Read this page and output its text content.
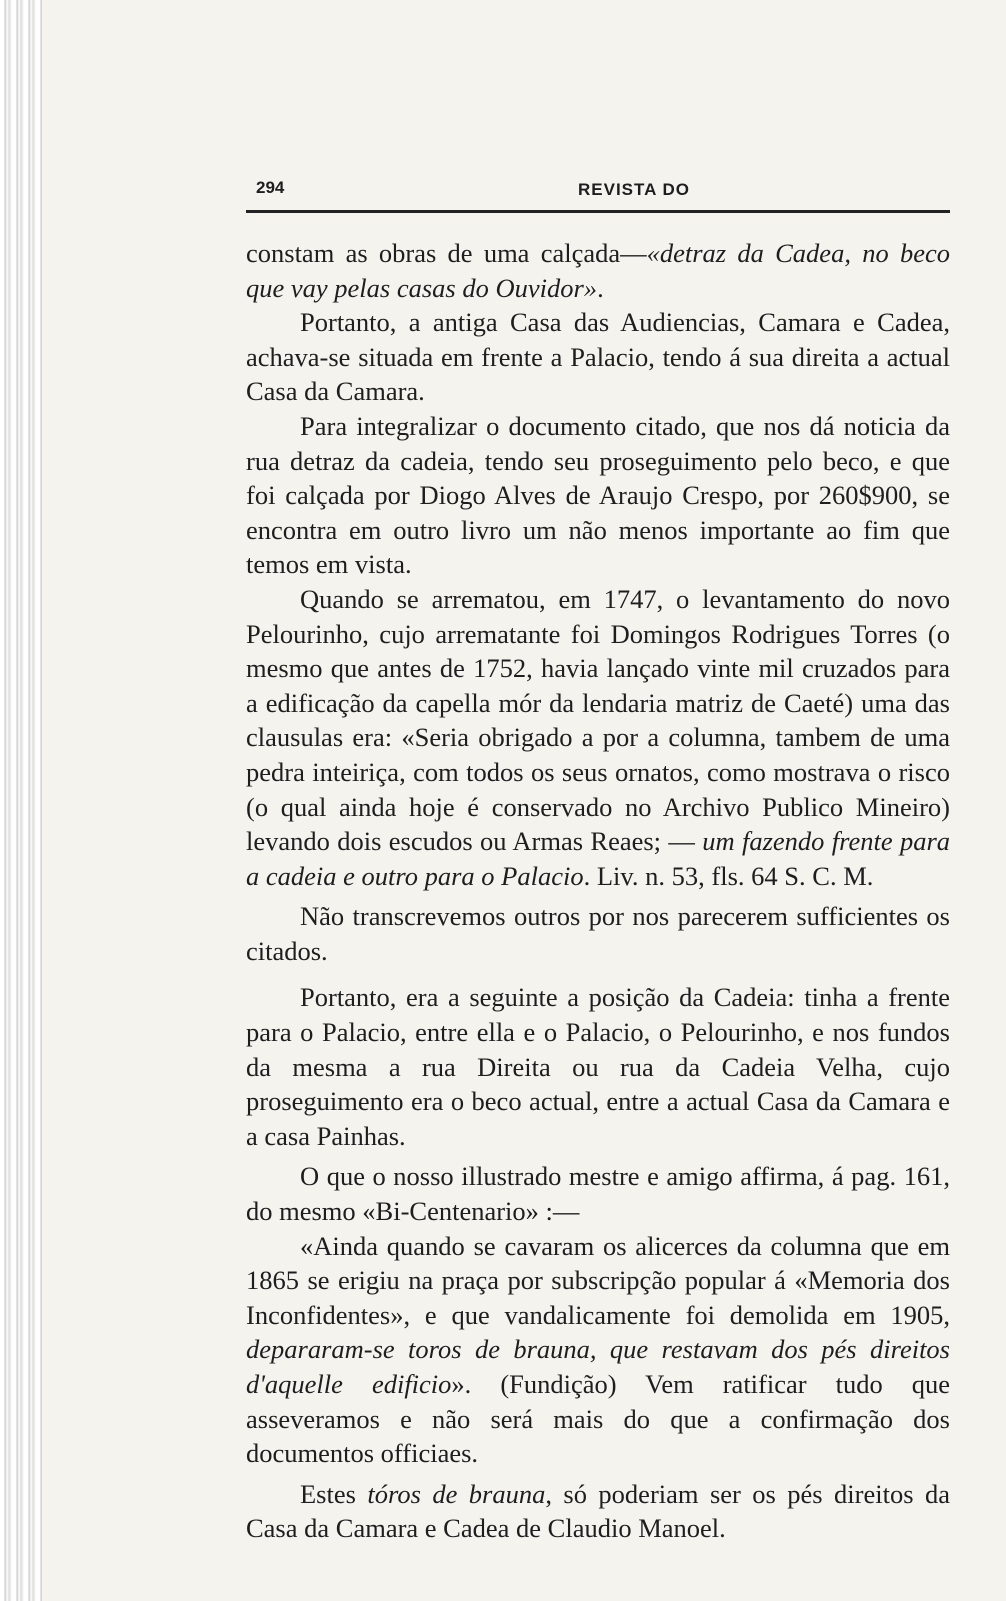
294	REVISTA DO

constam as obras de uma calçada—«detraz da Cadea, no beco que vay pelas casas do Ouvidor».

Portanto, a antiga Casa das Audiencias, Camara e Cadea, achava-se situada em frente a Palacio, tendo á sua direita a actual Casa da Camara.

Para integralizar o documento citado, que nos dá noticia da rua detraz da cadeia, tendo seu proseguimento pelo beco, e que foi calçada por Diogo Alves de Araujo Crespo, por 260$900, se encontra em outro livro um não menos importante ao fim que temos em vista.

Quando se arrematou, em 1747, o levantamento do novo Pelourinho, cujo arrematante foi Domingos Rodrigues Torres (o mesmo que antes de 1752, havia lançado vinte mil cruzados para a edificação da capella mór da lendaria matriz de Caeté) uma das clausulas era: «Seria obrigado a por a columna, tambem de uma pedra inteiriça, com todos os seus ornatos, como mostrava o risco (o qual ainda hoje é conservado no Archivo Publico Mineiro) levando dois escudos ou Armas Reaes; — um fazendo frente para a cadeia e outro para o Palacio. Liv. n. 53, fls. 64 S. C. M.

Não transcrevemos outros por nos parecerem sufficientes os citados.

Portanto, era a seguinte a posição da Cadeia: tinha a frente para o Palacio, entre ella e o Palacio, o Pelourinho, e nos fundos da mesma a rua Direita ou rua da Cadeia Velha, cujo proseguimento era o beco actual, entre a actual Casa da Camara e a casa Painhas.

O que o nosso illustrado mestre e amigo affirma, á pag. 161, do mesmo «Bi-Centenario» :—

«Ainda quando se cavaram os alicerces da columna que em 1865 se erigiu na praça por subscripção popular á «Memoria dos Inconfidentes», e que vandalicamente foi demolida em 1905, depararam-se toros de brauna, que restavam dos pés direitos d'aquelle edificio». (Fundição) Vem ratificar tudo que asseveramos e não será mais do que a confirmação dos documentos officiaes.

Estes tóros de brauna, só poderiam ser os pés direitos da Casa da Camara e Cadea de Claudio Manoel.
